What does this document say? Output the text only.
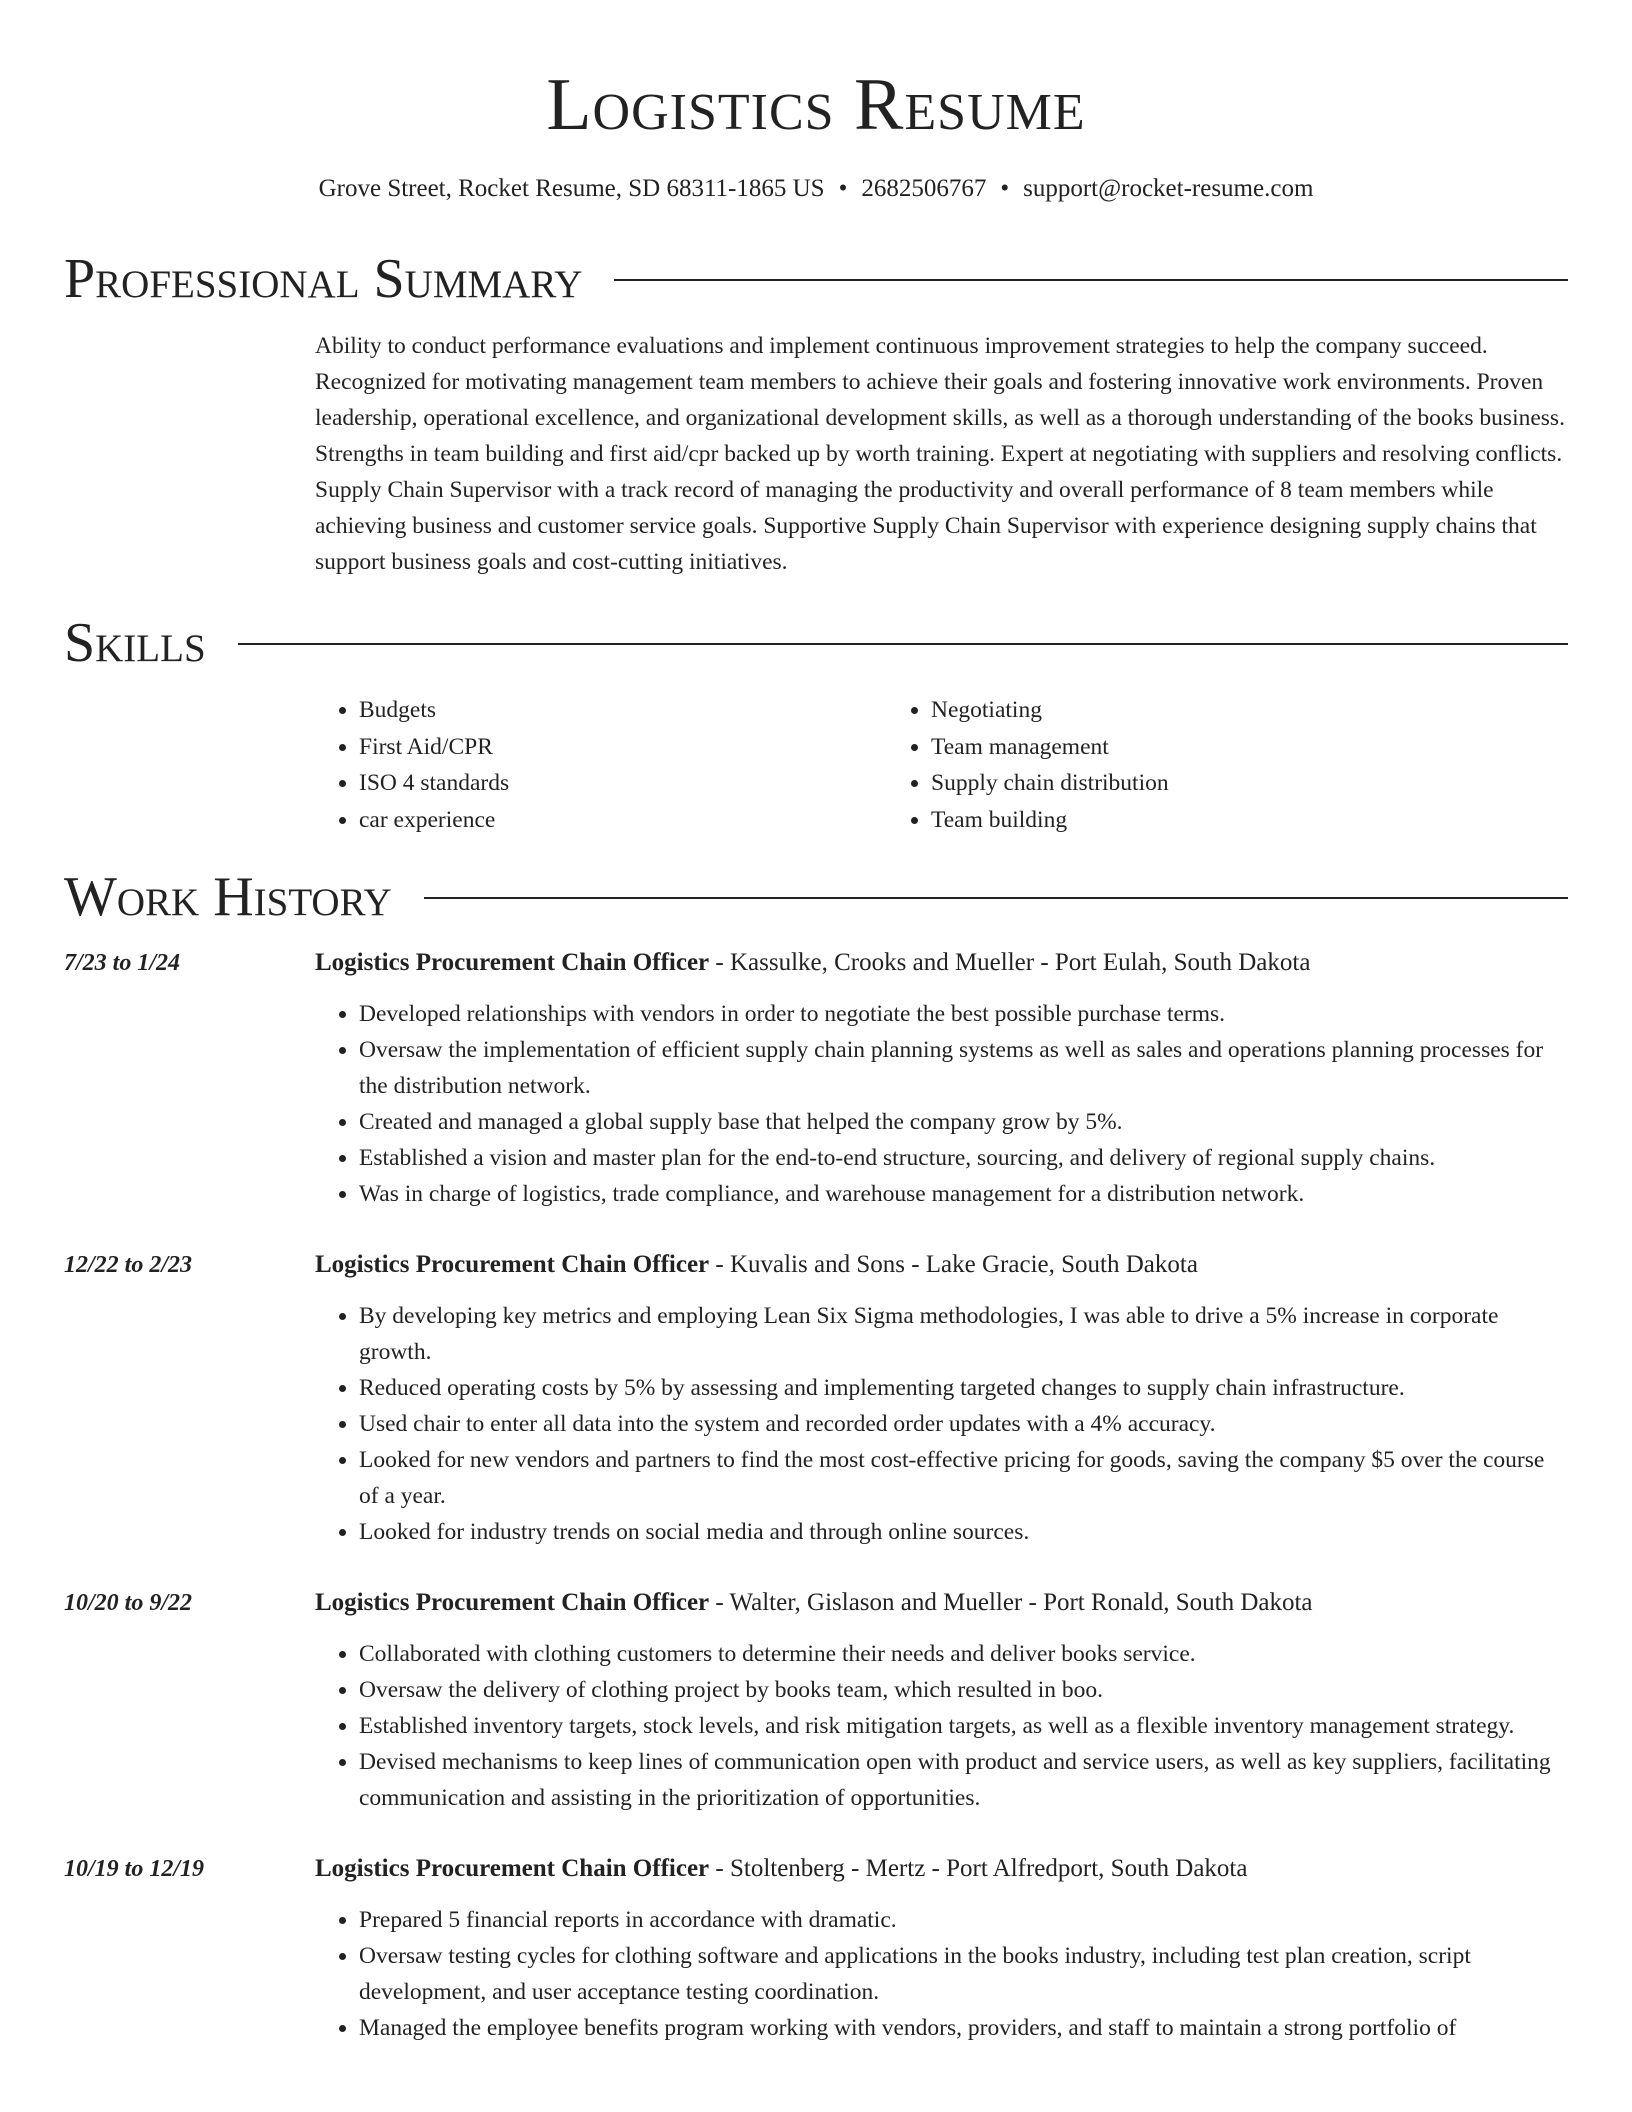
Logistics Resume
Grove Street, Rocket Resume, SD 68311-1865 US • 2682506767 • support@rocket-resume.com
Professional Summary

Ability to conduct performance evaluations and implement continuous improvement strategies to help the company succeed. Recognized for motivating management team members to achieve their goals and fostering innovative work environments. Proven leadership, operational excellence, and organizational development skills, as well as a thorough understanding of the books business. Strengths in team building and first aid/cpr backed up by worth training. Expert at negotiating with suppliers and resolving conflicts. Supply Chain Supervisor with a track record of managing the productivity and overall performance of 8 team members while achieving business and customer service goals. Supportive Supply Chain Supervisor with experience designing supply chains that support business goals and cost-cutting initiatives.

Skills
• Budgets
• First Aid/CPR
• ISO 4 standards
• car experience
• Negotiating
• Team management
• Supply chain distribution
• Team building
Work History
7/23 to 1/24	Logistics Procurement Chain Officer - Kassulke, Crooks and Mueller - Port Eulah, South Dakota
• Developed relationships with vendors in order to negotiate the best possible purchase terms.
• Oversaw the implementation of efficient supply chain planning systems as well as sales and operations planning processes for the distribution network.
• Created and managed a global supply base that helped the company grow by 5%.
• Established a vision and master plan for the end-to-end structure, sourcing, and delivery of regional supply chains.
• Was in charge of logistics, trade compliance, and warehouse management for a distribution network.
12/22 to 2/23	Logistics Procurement Chain Officer - Kuvalis and Sons - Lake Gracie, South Dakota
• By developing key metrics and employing Lean Six Sigma methodologies, I was able to drive a 5% increase in corporate growth.
• Reduced operating costs by 5% by assessing and implementing targeted changes to supply chain infrastructure.
• Used chair to enter all data into the system and recorded order updates with a 4% accuracy.
• Looked for new vendors and partners to find the most cost-effective pricing for goods, saving the company $5 over the course of a year.
• Looked for industry trends on social media and through online sources.
10/20 to 9/22	Logistics Procurement Chain Officer - Walter, Gislason and Mueller - Port Ronald, South Dakota
• Collaborated with clothing customers to determine their needs and deliver books service.
• Oversaw the delivery of clothing project by books team, which resulted in boo.
• Established inventory targets, stock levels, and risk mitigation targets, as well as a flexible inventory management strategy.
• Devised mechanisms to keep lines of communication open with product and service users, as well as key suppliers, facilitating communication and assisting in the prioritization of opportunities.
10/19 to 12/19	Logistics Procurement Chain Officer - Stoltenberg - Mertz - Port Alfredport, South Dakota
• Prepared 5 financial reports in accordance with dramatic.
• Oversaw testing cycles for clothing software and applications in the books industry, including test plan creation, script development, and user acceptance testing coordination.
• Managed the employee benefits program working with vendors, providers, and staff to maintain a strong portfolio of
